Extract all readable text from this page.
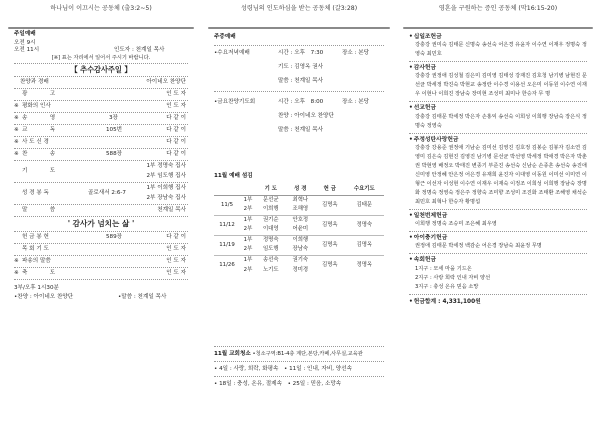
하나님이 이끄시는 공동체 (출3:2~5)
주일예배
오전 9시
오전 11시	인도자 : 천계일 목사
[※] 표는 자리에서 일어서 주시기 바랍니다.
【 추수감사주일 】
찬양과 경배	아이네오 찬양단
광　　　　고	인 도 자
※ 평화의 인사	인 도 자
※ 송　　　　영	3장	다 같 이
※ 교　　　　독	105번	다 같 이
※ 사 도 신 경	다 같 이
※ 찬　　　　송	588장	다 같 이
기　　　　도
1부 정명숙 집사
2부 임도행 집사
성 경 봉 독	골로새서 2:6-7
1부 이희행 집사
2부 장남숙 집사
말　　　　씀	천계일 목사
' 감사가 넘치는 삶 '
헌 금 봉 헌	589장	다 같 이
목 회 기 도	인 도 자
※ 파송의 말씀	인 도 자
※ 축　　　　도	인 도 자
3부/오후 1시30분
•찬양 : 아이네오 찬양단	•말씀 : 천계일 목사
성령님의 인도하심을 받는 공동체 (갈3:28)
주중예배
•수요저녁예배	시간 : 오후　7:30	장소 : 본당
기도 : 김영옥 권사
말씀 : 천계일 목사
•금요찬양기도회	시간 : 오후　8:00	장소 : 본당
찬양 : 아이네오 찬양단
말씀 : 천계일 목사
11월 예배 섬김
		기 도	성 경	헌 금	수요기도
11/5	1부	문선균	최혁나	김명옥	김태문
	2부	이희행	조해영		
11/12	1부	권기순	안호정	김명옥	정명숙
	2부	이대영	어윤미		
11/19	1부	정명숙	이희행	김명옥	김명옥
	2부	임도행	장남숙		
11/26	1부	송선숙	권기숙	김명옥	정명옥
	2부	노기도	정미경		
11월 교회청소 •청소구역:B1-4층 계단,본당,카페,사무실,교육관
• 4일 : 사랑, 희락, 화평속　• 11일 : 인내, 자비, 양선속
• 18일 : 충성, 온유, 절제속　• 25일 : 믿음, 소망속
영혼을 구원하는 증인 공동체 (막16:15-20)
•십일조헌금
강충강 권미숙 김태문 신명숙 송선숙 어은경 유윤자 이수연 이재우 정명숙 정영숙 최민호
•감사헌금
강충강 권정애 김성철 김은미 김미영 김태성 강재진 김호청 남기병 남현진 문선균 박세정 박진숙 박현교 송정란 이수경 이용선 오은미 이동원 이수연 이재우 이현나 이희진 장남숙 장미현 조성미 최미나 한승자 무 명
•선교헌금
강충강 김태문 박세정 박은자 손홍익 송선숙 이희성 이희행 장남숙 장은식 정명숙 정영숙
•주정성탄사랑헌금
강충강 강용준 권정애 기남순 김미선 김영진 김호정 김봉순 김봉자 김소연 김영미 김은숙 김현진 김영진 남기병 문선균 박선영 박세정 박애경 박은자 박춘권 박현영 배정오 박태진 변종기 부준진 송선숙 신남순 손종흔 송선숙 송진애 신미영 안정혜 안은정 어은경 유재희 윤진자 이대영 이동원 이미선 이미연 이형근 이선자 이성현 이수연 이재우 이재숙 이정조 이희성 이희행 장남숙 장명화 정명숙 정영숙 정은주 정향숙 조미향 조성미 조진화 조태환 조해영 채석순 최민호 최혁나 한승자 황명섭
•일천번제헌금
이희행 정명숙 조승미 조은혜 최우영
•아이충기헌금
권정애 김태문 박세정 백감순 어은경 장남숙 최윤정 무명
•속회헌금
1지구 : 모세 마을 기드온
2지구 : 사랑 희락 인내 자비 양선
3지구 : 충성 온유 믿음 소망
•헌금합계 : 4,331,100원
